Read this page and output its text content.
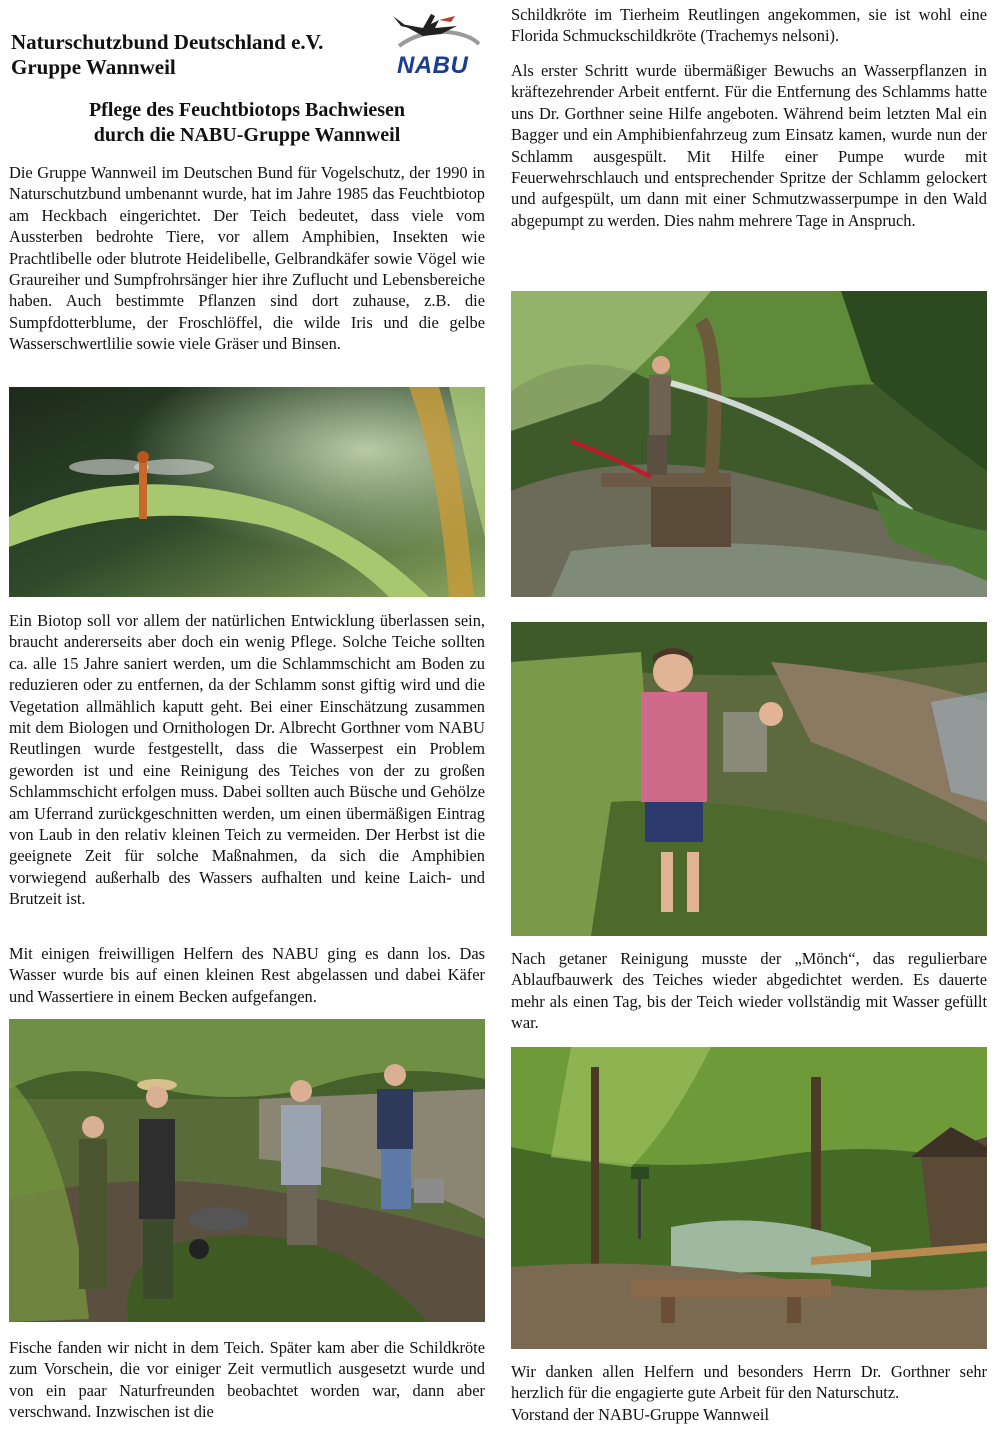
Naturschutzbund Deutschland e.V.
Gruppe Wannweil	NABU
Pflege des Feuchtbiotops Bachwiesen
durch die NABU-Gruppe Wannweil

Die Gruppe Wannweil im Deutschen Bund für Vogelschutz, der 1990 in Naturschutzbund umbenannt wurde, hat im Jahre 1985 das Feuchtbiotop am Heckbach eingerichtet. Der Teich bedeutet, dass viele vom Aussterben bedrohte Tiere, vor allem Amphibien, Insekten wie Prachtlibelle oder blutrote Heidelibelle, Gelbrandkäfer sowie Vögel wie Graureiher und Sumpfrohrsänger hier ihre Zuflucht und Lebensbereiche haben. Auch bestimmte Pflanzen sind dort zuhause, z.B. die Sumpfdotterblume, der Froschlöffel, die wilde Iris und die gelbe Wasserschwertlilie sowie viele Gräser und Binsen.

Ein Biotop soll vor allem der natürlichen Entwicklung überlassen sein, braucht andererseits aber doch ein wenig Pflege. Solche Teiche sollten ca. alle 15 Jahre saniert werden, um die Schlammschicht am Boden zu reduzieren oder zu entfernen, da der Schlamm sonst giftig wird und die Vegetation allmählich kaputt geht. Bei einer Einschätzung zusammen mit dem Biologen und Ornithologen Dr. Albrecht Gorthner vom NABU Reutlingen wurde festgestellt, dass die Wasserpest ein Problem geworden ist und eine Reinigung des Teiches von der zu großen Schlammschicht erfolgen muss. Dabei sollten auch Büsche und Gehölze am Uferrand zurückgeschnitten werden, um einen übermäßigen Eintrag von Laub in den relativ kleinen Teich zu vermeiden. Der Herbst ist die geeignete Zeit für solche Maßnahmen, da sich die Amphibien vorwiegend außerhalb des Wassers aufhalten und keine Laich- und Brutzeit ist.

Mit einigen freiwilligen Helfern des NABU ging es dann los. Das Wasser wurde bis auf einen kleinen Rest abgelassen und dabei Käfer und Wassertiere in einem Becken aufgefangen.

Fische fanden wir nicht in dem Teich. Später kam aber die Schildkröte zum Vorschein, die vor einiger Zeit vermutlich ausgesetzt wurde und von ein paar Naturfreunden beobachtet worden war, dann aber verschwand. Inzwischen ist die

Schildkröte im Tierheim Reutlingen angekommen, sie ist wohl eine Florida Schmuckschildkröte (Trachemys nelsoni).

Als erster Schritt wurde übermäßiger Bewuchs an Wasserpflanzen in kräftezehrender Arbeit entfernt. Für die Entfernung des Schlamms hatte uns Dr. Gorthner seine Hilfe angeboten. Während beim letzten Mal ein Bagger und ein Amphibienfahrzeug zum Einsatz kamen, wurde nun der Schlamm ausgespült. Mit Hilfe einer Pumpe wurde mit Feuerwehrschlauch und entsprechender Spritze der Schlamm gelockert und aufgespült, um dann mit einer Schmutzwasserpumpe in den Wald abgepumpt zu werden. Dies nahm mehrere Tage in Anspruch.

Nach getaner Reinigung musste der „Mönch“, das regulierbare Ablaufbauwerk des Teiches wieder abgedichtet werden. Es dauerte mehr als einen Tag, bis der Teich wieder vollständig mit Wasser gefüllt war.

Wir danken allen Helfern und besonders Herrn Dr. Gorthner sehr herzlich für die engagierte gute Arbeit für den Naturschutz.

Vorstand der NABU-Gruppe Wannweil
